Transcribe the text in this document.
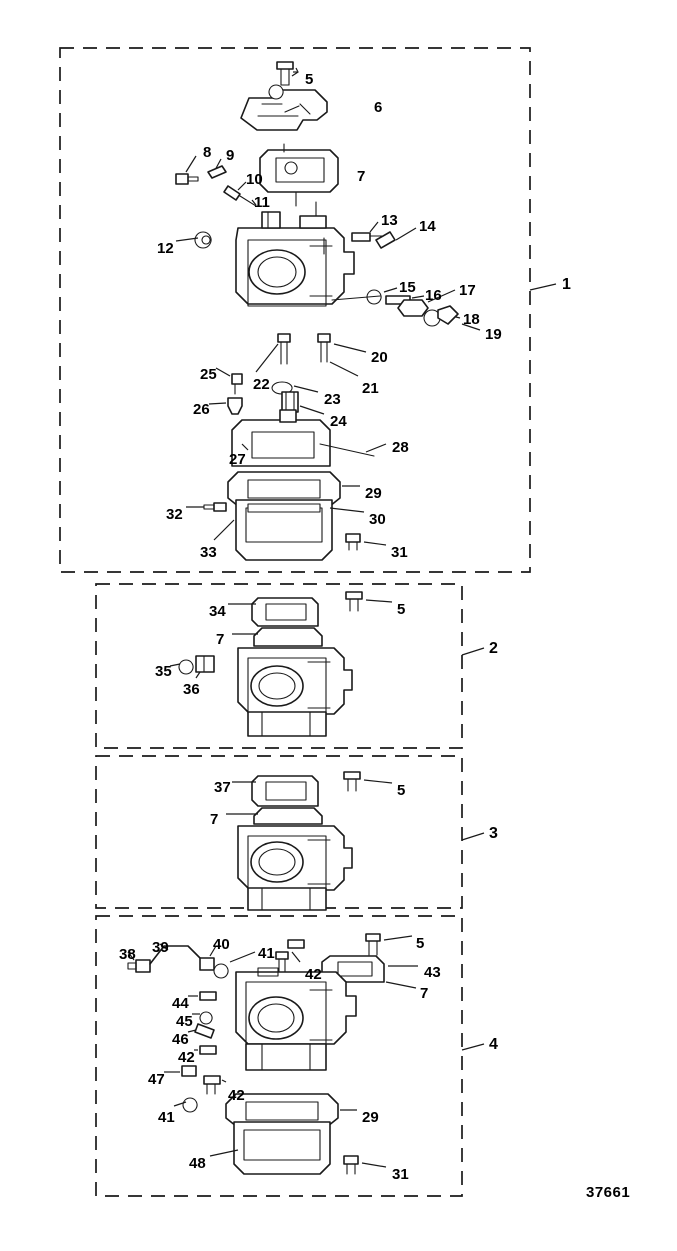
5
6
7
8 9
10
11
12
13 14
15 16 17
18
19
20
21
22
23
24
25
26
27
28
29
30
31
32
33
34	5
7
35
36
37	5
7
38 39	40
41
5
42	43
7
44
45
46
42
47
41
42
29
48
31
1
2
3
4
37661
